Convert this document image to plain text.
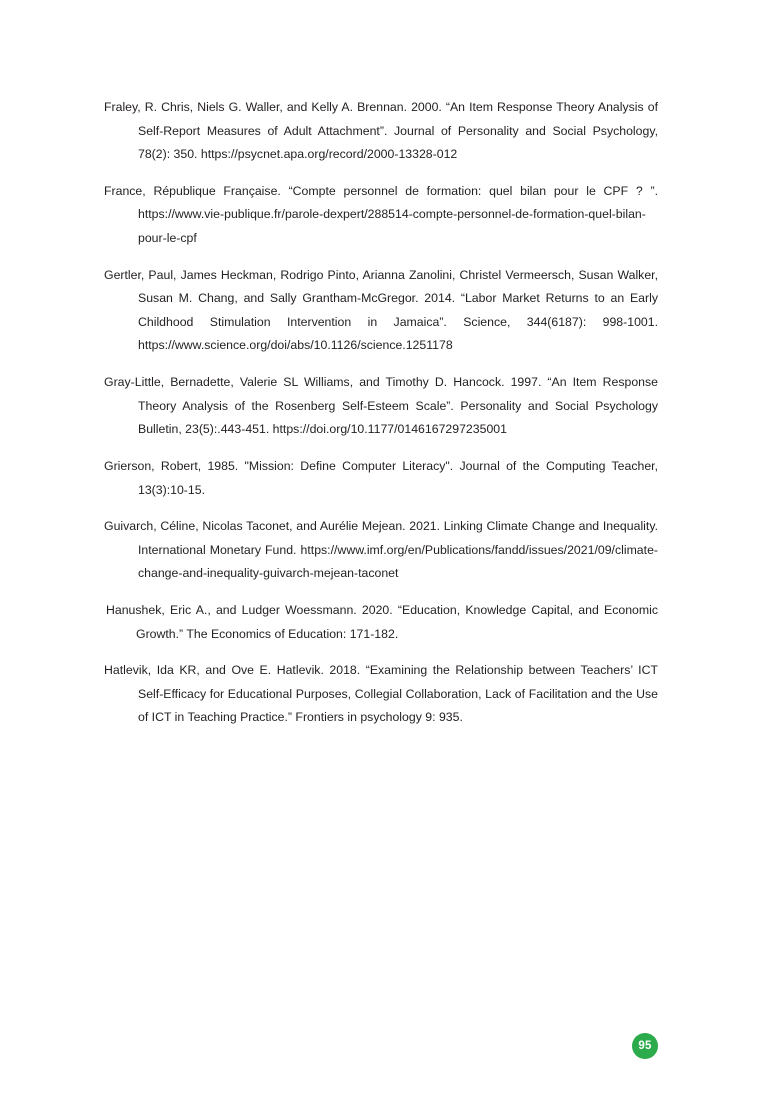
Fraley, R. Chris, Niels G. Waller, and Kelly A. Brennan. 2000. “An Item Response Theory Analysis of Self-Report Measures of Adult Attachment”. Journal of Personality and Social Psychology, 78(2): 350. https://psycnet.apa.org/record/2000-13328-012

France, République Française. “Compte personnel de formation: quel bilan pour le CPF ? ”. https://www.vie-publique.fr/parole-dexpert/288514-compte-personnel-de-formation-quel-bilan-pour-le-cpf

Gertler, Paul, James Heckman, Rodrigo Pinto, Arianna Zanolini, Christel Vermeersch, Susan Walker, Susan M. Chang, and Sally Grantham-McGregor. 2014. “Labor Market Returns to an Early Childhood Stimulation Intervention in Jamaica”. Science, 344(6187): 998-1001. https://www.science.org/doi/abs/10.1126/science.1251178

Gray-Little, Bernadette, Valerie SL Williams, and Timothy D. Hancock. 1997. “An Item Response Theory Analysis of the Rosenberg Self-Esteem Scale”. Personality and Social Psychology Bulletin, 23(5):.443-451. https://doi.org/10.1177/0146167297235001

Grierson, Robert, 1985. "Mission: Define Computer Literacy". Journal of the Computing Teacher, 13(3):10-15.

Guivarch, Céline, Nicolas Taconet, and Aurélie Mejean. 2021. Linking Climate Change and Inequality. International Monetary Fund. https://www.imf.org/en/Publications/fandd/issues/2021/09/climate-change-and-inequality-guivarch-mejean-taconet

Hanushek, Eric A., and Ludger Woessmann. 2020. “Education, Knowledge Capital, and Economic Growth.” The Economics of Education: 171-182.

Hatlevik, Ida KR, and Ove E. Hatlevik. 2018. “Examining the Relationship between Teachers’ ICT Self-Efficacy for Educational Purposes, Collegial Collaboration, Lack of Facilitation and the Use of ICT in Teaching Practice.” Frontiers in psychology 9: 935.

95
